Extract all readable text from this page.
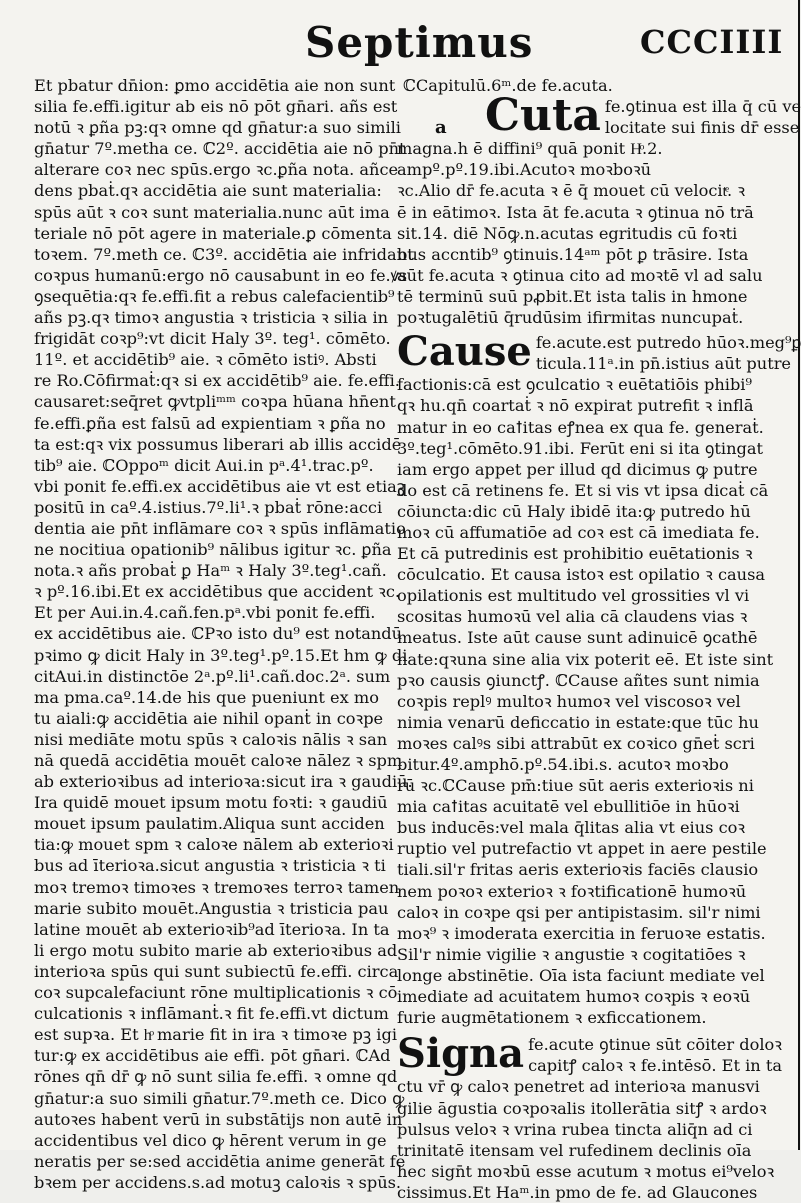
Septimus	CCCIIII
Et pbatur dn̄ion: ꝑmo accidētia aie non sunt
silia fe.effi.igitur ab eis nō pōt gn̄ari. añs est
notū ꝛ ꝑña pꝫ:qꝛ omne qd gn̄atur:a suo simili
gn̄atur 7º.metha ce. ℂ2º. accidētia aie nō pn̄t
alterare coꝛ nec spūs.ergo ꝛc.ꝑña nota. añce
dens pbaṫ.qꝛ accidētia aie sunt materialia:
spūs aūt ꝛ coꝛ sunt materialia.nunc aūt ima
teriale nō pōt agere in materiale.ꝑ cōmenta
toꝛem. 7º.meth ce. ℂ3º. accidētia aie infridant
coꝛpus humanū:ergo nō causabunt in eo fe.ꝟs
ꝯsequētia:qꝛ fe.effi.fit a rebus calefacientib⁹
añs pꝫ.qꝛ timoꝛ angustia ꝛ tristicia ꝛ silia in
frigidāt coꝛp⁹:vt dicit Haly 3º. teg¹. cōmēto.
11º. et accidētib⁹ aie. ꝛ cōmēto istiꝰ. Absti
re Ro.Cōfirmaṫ:qꝛ si ex accidētib⁹ aie. fe.effi.
causaret:seq̄ret ꝙvtpliᵐᵐ coꝛpa hūana hn̄ent
fe.effi.ꝑña est falsū ad expientiam ꝛ ꝑña no
ta est:qꝛ vix possumus liberari ab illis accidē
tib⁹ aie. ℂOppoᵐ dicit Aui.in pᵃ.4¹.trac.pº.
vbi ponit fe.effi.ex accidētibus aie vt est etiaꝫ
positū in caº.4.istius.7º.li¹.ꝛ pbaṫ rōne:acci
dentia aie pn̄t inflāmare coꝛ ꝛ spūs inflāmatio
ne nocitiua opationib⁹ nālibus igitur ꝛc. ꝑña
nota.ꝛ añs probaṫ ꝑ Haᵐ ꝛ Haly 3º.teg¹.cañ.
ꝛ pº.16.ibi.Et ex accidētibus que accident ꝛc.
Et per Aui.in.4.cañ.fen.pᵃ.vbi ponit fe.effi.
ex accidētibus aie. ℂPꝛo isto du⁹ est notandū
pꝛimo ꝙ dicit Haly in 3º.teg¹.pº.15.Et hm ꝙ di
citAui.in distinctōe 2ᵃ.pº.li¹.cañ.doc.2ᵃ. sum
ma pma.caº.14.de his que pueniunt ex mo
tu aiali:ꝙ accidētia aie nihil opanṫ in coꝛpe
nisi mediāte motu spūs ꝛ caloꝛis nālis ꝛ san
nā quedā accidētia mouēt caloꝛe nālez ꝛ spm
ab exterioꝛibus ad interioꝛa:sicut ira ꝛ gaudiū.
Ira quidē mouet ipsum motu foꝛti: ꝛ gaudiū
mouet ipsum paulatim.Aliqua sunt acciden
tia:ꝙ mouet spm ꝛ caloꝛe nālem ab exterioꝛi
bus ad īterioꝛa.sicut angustia ꝛ tristicia ꝛ ti
moꝛ tremoꝛ timoꝛes ꝛ tremoꝛes terroꝛ tamen
marie subito mouēt.Angustia ꝛ tristicia pau
latine mouēt ab exterioꝛib⁹ad īterioꝛa. In ta
li ergo motu subito marie ab exterioꝛibus ad
interioꝛa spūs qui sunt subiectū fe.effi. circa
coꝛ supcalefaciunt rōne multiplicationis ꝛ cō
culcationis ꝛ inflāmanṫ.ꝛ fit fe.effi.vt dictum
est supꝛa. Et hͦ marie fit in ira ꝛ timoꝛe pꝫ igi
tur:ꝙ ex accidētibus aie effi. pōt gn̄ari. ℂAd
rōnes qn̄ dr̄ ꝙ nō sunt silia fe.effi. ꝛ omne qd
gn̄atur:a suo simili gn̄atur.7º.meth ce. Dico ꝙ
autoꝛes habent verū in substātijs non autē in
accidentibus vel dico ꝙ hērent verum in ge
neratis per se:sed accidētia anime generāt fe
bꝛem per accidens.s.ad motuꝫ caloꝛis ꝛ spūs.
ℂCapitulū.6ᵐ.de fe.acuta.
Cuta fe.ꝯtinua est illa q̄ cū ve
locitate sui finis dr̄ esse
magna.h ē diffini⁹ quā ponit Hͦ.2.
ampº.pº.19.ibi.Acutoꝛ moꝛboꝛū
ꝛc.Alio dr̄ fe.acuta ꝛ ē q̄ mouet cū velocitͤ. ꝛ
ē in eātimoꝛ. Ista āt fe.acuta ꝛ ꝯtinua nō trā
sit.14. diē Nōꝙ.n.acutas egritudis cū foꝛti
bus accntib⁹ ꝯtinuis.14ᵃᵐ pōt ꝑ trāsire. Ista
aūt fe.acuta ꝛ ꝯtinua cito ad moꝛtē vl ad salu
tē terminū suū pꝓbit.Et ista talis in hmone
poꝛtugalētiū q̄rudūsim ifirmitas nuncupaṫ.
Cause fe.acute.est putredo hūoꝛ.meg⁹ꝑ
ticula.11ᵃ.in pn̄.istius aūt putre
factionis:cā est ꝯculcatio ꝛ euētatiōis phibi⁹
qꝛ hu.qn̄ coartaṫ ꝛ nō expirat putrefit ꝛ inflā
matur in eo caꝉitas eꝭnea ex qua fe. generaṫ.
3º.teg¹.cōmēto.91.ibi. Ferūt eni si ita ꝯtingat
iam ergo appet per illud qd dicimus ꝙ putre
do est cā retinens fe. Et si vis vt ipsa dicaṫ cā
cōiuncta:dic cū Haly ibidē ita:ꝙ putredo hū
moꝛ cū affumatiōe ad coꝛ est cā imediata fe.
Et cā putredinis est prohibitio euētationis ꝛ
cōculcatio. Et causa istoꝛ est opilatio ꝛ causa
opilationis est multitudo vel grossities vl vi
scositas humoꝛū vel alia cā claudens vias ꝛ
meatus. Iste aūt cause sunt adinuicē ꝯcathē
nate:qꝛuna sine alia vix poterit eē. Et iste sint
pꝛo causis ꝯiunctꝭ. ℂCause añtes sunt nimia
coꝛpis replꝰ multoꝛ humoꝛ vel viscosoꝛ vel
nimia venarū deficcatio in estate:que tūc hu
moꝛes calꝰs sibi attrabūt ex coꝛico gn̄eṫ scri
bitur.4º.amphō.pº.54.ibi.s. acutoꝛ moꝛbo
rū ꝛc.ℂCause pm̄:tiue sūt aeris exterioꝛis ni
mia caꝉitas acuitatē vel ebullitiōe in hūoꝛi
bus inducēs:vel mala q̄litas alia vt eius coꝛ
ruptio vel putrefactio vt appet in aere pestile
tiali.sil'r fritas aeris exterioꝛis faciēs clausio
nem poꝛoꝛ exterioꝛ ꝛ foꝛtificationē humoꝛū
caloꝛ in coꝛpe qsi per antipistasim. sil'r nimi
moꝛ⁹ ꝛ imoderata exercitia in feruoꝛe estatis.
Sil'r nimie vigilie ꝛ angustie ꝛ cogitatiōes ꝛ
longe abstinētie. Oīa ista faciunt mediate vel
imediate ad acuitatem humoꝛ coꝛpis ꝛ eoꝛū
furie augmētationem ꝛ exficcationem.
Signa fe.acute ꝯtinue sūt cōiter doloꝛ
capitꝭ caloꝛ ꝛ fe.intēsō. Et in ta
ctu vr̄ ꝙ caloꝛ penetret ad interioꝛa manusvi
gilie āgustia coꝛpoꝛalis itollerātia sitꝭ ꝛ ardoꝛ
pulsus veloꝛ ꝛ vrina rubea tincta aliq̄n ad ci
trinitatē itensam vel rufedinem declinis oīa
hec sign̄t moꝛbū esse acutum ꝛ motus ei⁹veloꝛ
cissimus.Et Haᵐ.in pmo de fe. ad Glaucones
a
